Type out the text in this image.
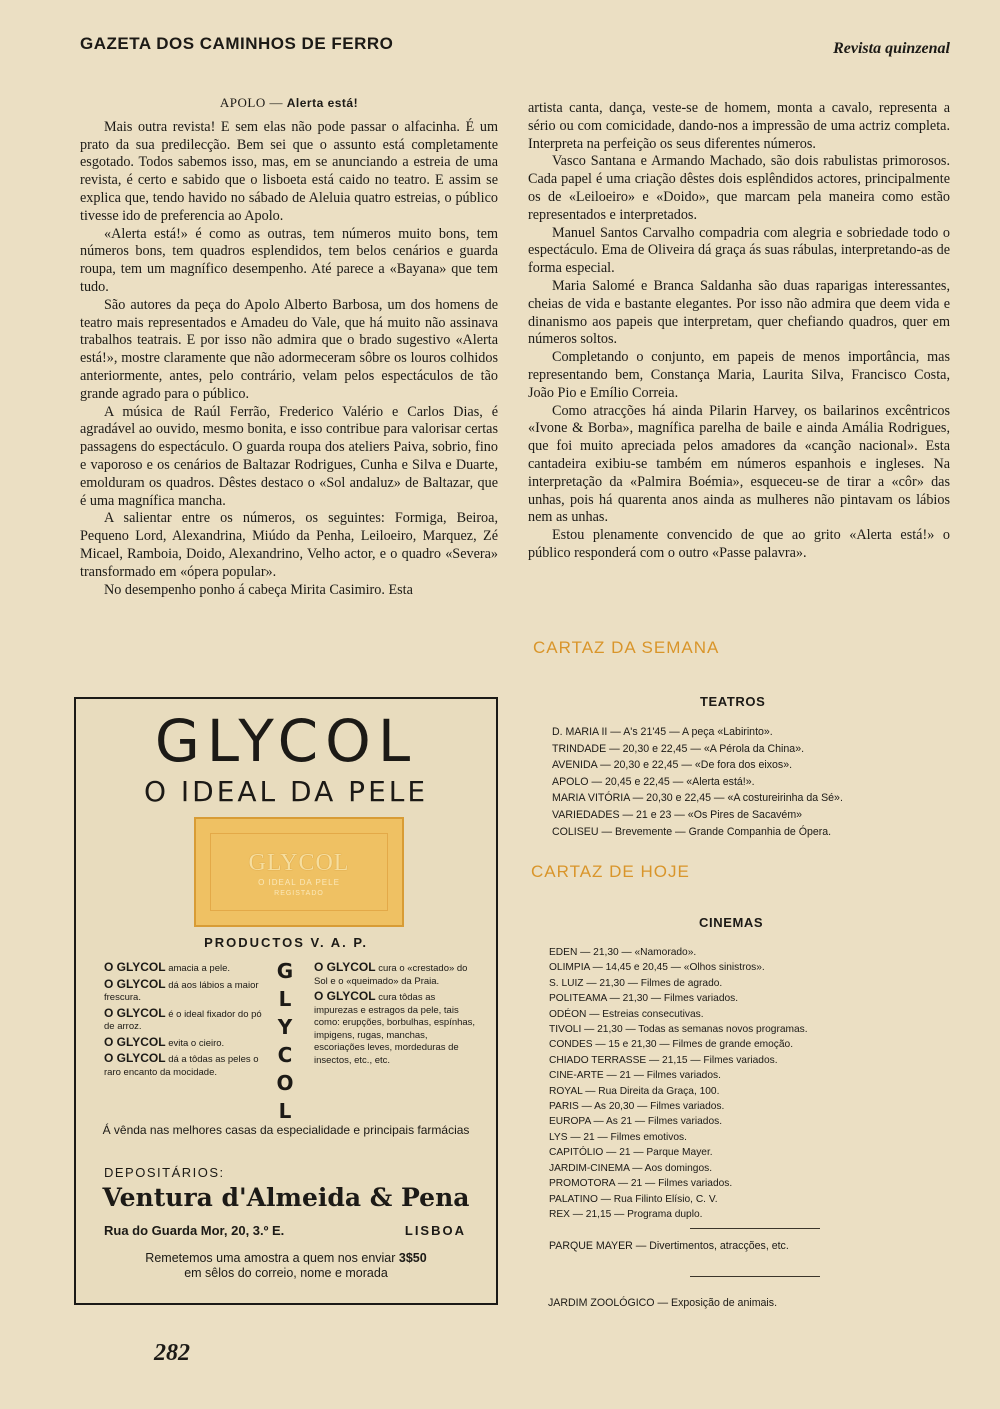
GAZETA DOS CAMINHOS DE FERRO	Revista quinzenal

APOLO — Alerta está!

Mais outra revista! E sem elas não pode passar o alfacinha. É um prato da sua predilecção. Bem sei que o assunto está completamente esgotado. Todos sabemos isso, mas, em se anunciando a estreia de uma revista, é certo e sabido que o lisboeta está caido no teatro. E assim se explica que, tendo havido no sábado de Aleluia quatro estreias, o público tivesse ido de preferencia ao Apolo.

«Alerta está!» é como as outras, tem números muito bons, tem números bons, tem quadros esplendidos, tem belos cenários e guarda roupa, tem um magnífico desempenho. Até parece a «Bayana» que tem tudo.

São autores da peça do Apolo Alberto Barbosa, um dos homens de teatro mais representados e Amadeu do Vale, que há muito não assinava trabalhos teatrais. E por isso não admira que o brado sugestivo «Alerta está!», mostre claramente que não adormeceram sôbre os louros colhidos anteriormente, antes, pelo contrário, velam pelos espectáculos de tão grande agrado para o público.

A música de Raúl Ferrão, Frederico Valério e Carlos Dias, é agradável ao ouvido, mesmo bonita, e isso contribue para valorisar certas passagens do espectáculo. O guarda roupa dos ateliers Paiva, sobrio, fino e vaporoso e os cenários de Baltazar Rodrigues, Cunha e Silva e Duarte, emolduram os quadros. Dêstes destaco o «Sol andaluz» de Baltazar, que é uma magnífica mancha.

A salientar entre os números, os seguintes: Formiga, Beiroa, Pequeno Lord, Alexandrina, Miúdo da Penha, Leiloeiro, Marquez, Zé Micael, Ramboia, Doido, Alexandrino, Velho actor, e o quadro «Severa» transformado em «ópera popular».

No desempenho ponho á cabeça Mirita Casimiro. Esta

artista canta, dança, veste-se de homem, monta a cavalo, representa a sério ou com comicidade, dando-nos a impressão de uma actriz completa. Interpreta na perfeição os seus diferentes números.

Vasco Santana e Armando Machado, são dois rabulistas primorosos. Cada papel é uma criação dêstes dois esplêndidos actores, principalmente os de «Leiloeiro» e «Doido», que marcam pela maneira como estão representados e interpretados.

Manuel Santos Carvalho compadria com alegria e sobriedade todo o espectáculo. Ema de Oliveira dá graça ás suas rábulas, interpretando-as de forma especial.

Maria Salomé e Branca Saldanha são duas raparigas interessantes, cheias de vida e bastante elegantes. Por isso não admira que deem vida e dinanismo aos papeis que interpretam, quer chefiando quadros, quer em números soltos.

Completando o conjunto, em papeis de menos importância, mas representando bem, Constança Maria, Laurita Silva, Francisco Costa, João Pio e Emílio Correia.

Como atracções há ainda Pilarin Harvey, os bailarinos excêntricos «Ivone & Borba», magnífica parelha de baile e ainda Amália Rodrigues, que foi muito apreciada pelos amadores da «canção nacional». Esta cantadeira exibiu-se também em números espanhois e ingleses. Na interpretação da «Palmira Boémia», esqueceu-se de tirar a «côr» das unhas, pois há quarenta anos ainda as mulheres não pintavam os lábios nem as unhas.

Estou plenamente convencido de que ao grito «Alerta está!» o público responderá com o outro «Passe palavra».

CARTAZ DA SEMANA
TEATROS
D. MARIA II — A's 21'45 — A peça «Labirinto».
TRINDADE — 20,30 e 22,45 — «A Pérola da China».
AVENIDA — 20,30 e 22,45 — «De fora dos eixos».
APOLO — 20,45 e 22,45 — «Alerta está!».
MARIA VITÓRIA — 20,30 e 22,45 — «A costureirinha da Sé».
VARIEDADES — 21 e 23 — «Os Pires de Sacavém»
COLISEU — Brevemente — Grande Companhia de Ópera.
CARTAZ DE HOJE
CINEMAS
EDEN — 21,30 — «Namorado».
OLIMPIA — 14,45 e 20,45 — «Olhos sinistros».
S. LUIZ — 21,30 — Filmes de agrado.
POLITEAMA — 21,30 — Filmes variados.
ODÉON — Estreias consecutivas.
TIVOLI — 21,30 — Todas as semanas novos programas.
CONDES — 15 e 21,30 — Filmes de grande emoção.
CHIADO TERRASSE — 21,15 — Filmes variados.
CINE-ARTE — 21 — Filmes variados.
ROYAL — Rua Direita da Graça, 100.
PARIS — As 20,30 — Filmes variados.
EUROPA — As 21 — Filmes variados.
LYS — 21 — Filmes emotivos.
CAPITÓLIO — 21 — Parque Mayer.
JARDIM-CINEMA — Aos domingos.
PROMOTORA — 21 — Filmes variados.
PALATINO — Rua Filinto Elísio, C. V.
REX — 21,15 — Programa duplo.
PARQUE MAYER — Divertimentos, atracções, etc.
JARDIM ZOOLÓGICO — Exposição de animais.
GLYCOL
O IDEAL DA PELE
GLYCOL
O IDEAL DA PELE
REGISTADO
PRODUCTOS V. A. P.
O GLYCOL amacia a pele.
O GLYCOL dá aos lábios a maior frescura.
O GLYCOL é o ideal fixador do pó de arroz.
O GLYCOL evita o cieiro.
O GLYCOL dá a tôdas as peles o raro encanto da mocidade.
G
L
Y
C
O
L
O GLYCOL cura o «crestado» do Sol e o «queimado» da Praia.
O GLYCOL cura tôdas as impurezas e estragos da pele, tais como: erupções, borbulhas, espínhas, impigens, rugas, manchas, escoriações leves, mordeduras de insectos, etc., etc.
Á vênda nas melhores casas da especialidade e principais farmácias
DEPOSITÁRIOS:
Ventura d'Almeida & Pena
Rua do Guarda Mor, 20, 3.º E.	LISBOA
Remetemos uma amostra a quem nos enviar 3$50
em sêlos do correio, nome e morada
282
